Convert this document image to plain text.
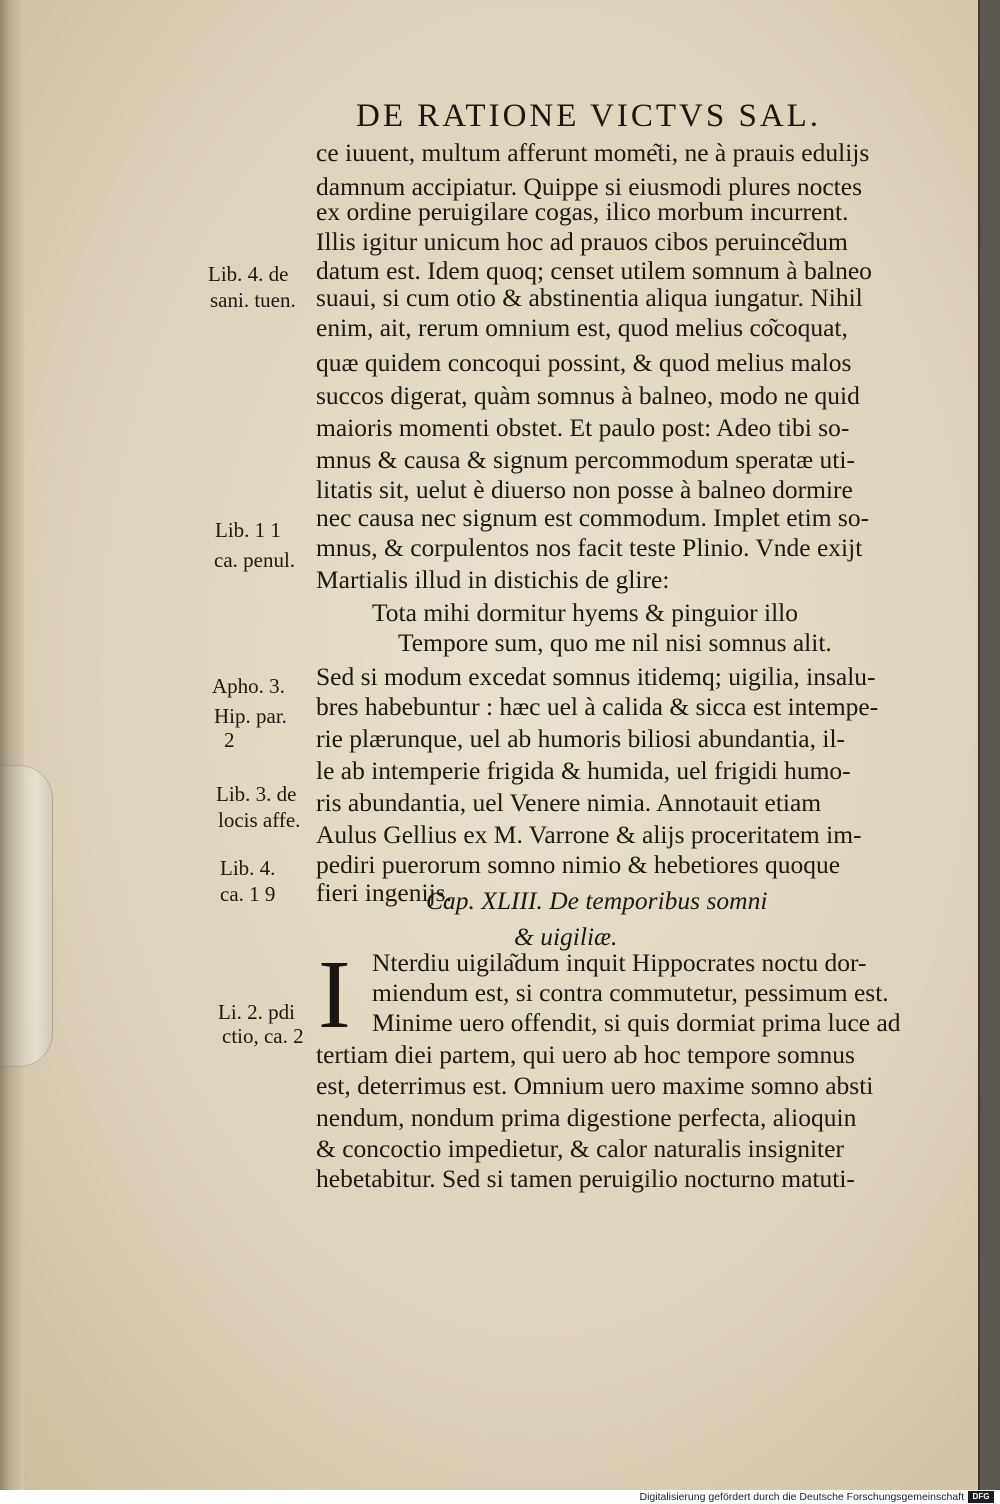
DE RATIONE VICTVS SAL.
ce iuuent, multum afferunt mome͂ti, ne à prauis edulijs
damnum accipiatur. Quippe si eiusmodi plures noctes
ex ordine peruigilare cogas, ilico morbum incurrent.
Illis igitur unicum hoc ad prauos cibos peruince͂dum
datum est. Idem quoq; censet utilem somnum à balneo
suaui, si cum otio & abstinentia aliqua iungatur. Nihil
enim, ait, rerum omnium est, quod melius co͂coquat,
quæ quidem concoqui possint, & quod melius malos
succos digerat, quàm somnus à balneo, modo ne quid
maioris momenti obstet. Et paulo post: Adeo tibi so-
mnus & causa & signum percommodum speratæ uti-
litatis sit, uelut è diuerso non posse à balneo dormire
nec causa nec signum est commodum. Implet etim so-
mnus, & corpulentos nos facit teste Plinio. Vnde exijt
Martialis illud in distichis de glire:
Tota mihi dormitur hyems & pinguior illo
Tempore sum, quo me nil nisi somnus alit.
Sed si modum excedat somnus itidemq; uigilia, insalu-
bres habebuntur : hæc uel à calida & sicca est intempe-
rie plærunque, uel ab humoris biliosi abundantia, il-
le ab intemperie frigida & humida, uel frigidi humo-
ris abundantia, uel Venere nimia. Annotauit etiam
Aulus Gellius ex M. Varrone & alijs proceritatem im-
pediri puerorum somno nimio & hebetiores quoque
fieri ingenijs.
Cap. XLIII. De temporibus somni
& uigiliæ.
I Nterdiu uigila͂dum inquit Hippocrates noctu dor-
miendum est, si contra commutetur, pessimum est.
Minime uero offendit, si quis dormiat prima luce ad
tertiam diei partem, qui uero ab hoc tempore somnus
est, deterrimus est. Omnium uero maxime somno absti
nendum, nondum prima digestione perfecta, alioquin
& concoctio impedietur, & calor naturalis insigniter
hebetabitur. Sed si tamen peruigilio nocturno matuti-
Lib. 4. de
sani. tuen.
Lib. 1 1
ca. penul.
Apho. 3.
Hip. par.
2
Lib. 3. de
locis affe.
Lib. 4.
ca. 1 9
Li. 2. pdi
ctio, ca. 2
Digitalisierung gefördert durch die Deutsche Forschungsgemeinschaft	DFG
